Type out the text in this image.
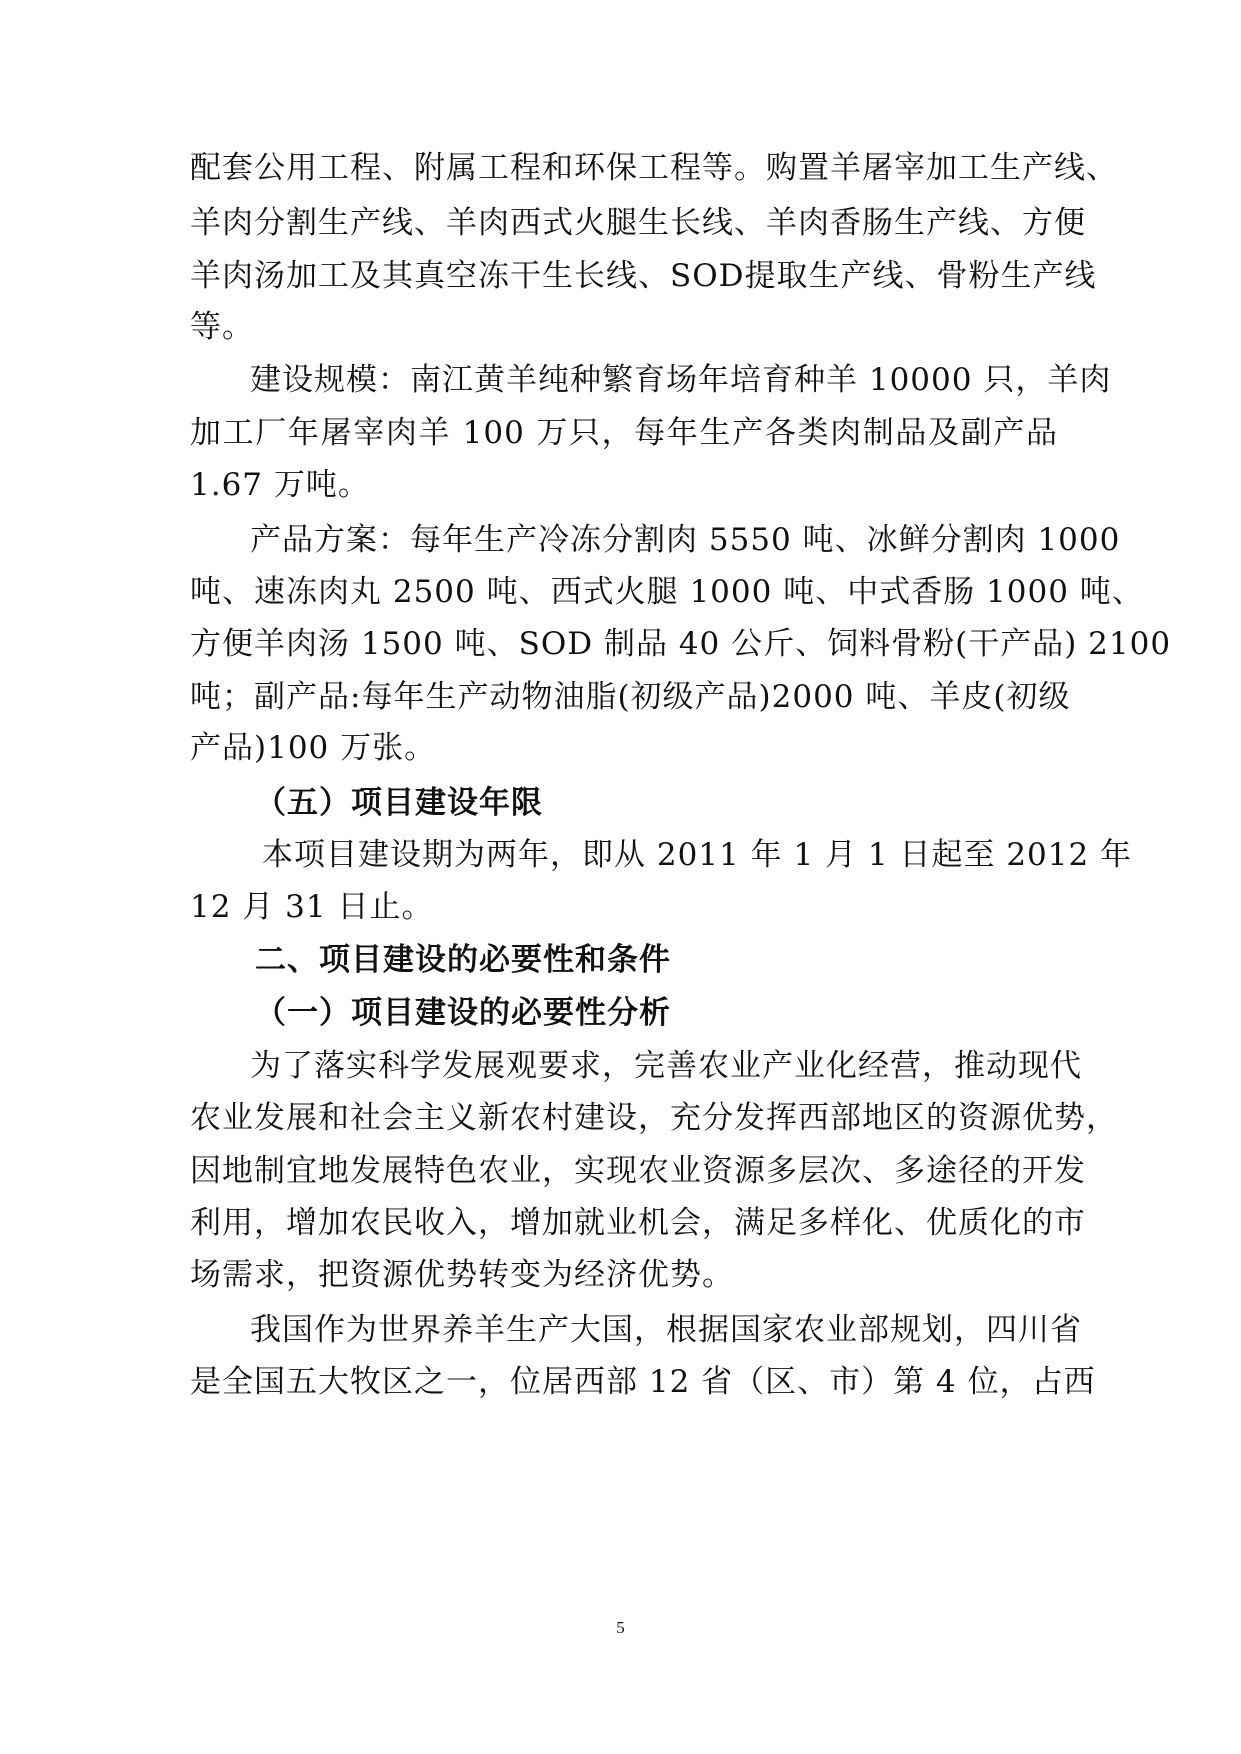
配套公用工程、附属工程和环保工程等。购置羊屠宰加工生产线、
羊肉分割生产线、羊肉西式火腿生长线、羊肉香肠生产线、方便
羊肉汤加工及其真空冻干生长线、SOD提取生产线、骨粉生产线
等。
建设规模：南江黄羊纯种繁育场年培育种羊 10000 只，羊肉
加工厂年屠宰肉羊 100 万只，每年生产各类肉制品及副产品
1.67 万吨。
产品方案：每年生产冷冻分割肉 5550 吨、冰鲜分割肉 1000
吨、速冻肉丸 2500 吨、西式火腿 1000 吨、中式香肠 1000 吨、
方便羊肉汤 1500 吨、SOD 制品 40 公斤、饲料骨粉(干产品) 2100
吨；副产品:每年生产动物油脂(初级产品)2000 吨、羊皮(初级
产品)100 万张。
（五）项目建设年限
本项目建设期为两年，即从 2011 年 1 月 1 日起至 2012 年
12 月 31 日止。
二、项目建设的必要性和条件
（一）项目建设的必要性分析
为了落实科学发展观要求，完善农业产业化经营，推动现代
农业发展和社会主义新农村建设，充分发挥西部地区的资源优势，
因地制宜地发展特色农业，实现农业资源多层次、多途径的开发
利用，增加农民收入，增加就业机会，满足多样化、优质化的市
场需求，把资源优势转变为经济优势。
我国作为世界养羊生产大国，根据国家农业部规划，四川省
是全国五大牧区之一，位居西部 12 省（区、市）第 4 位，占西
5
